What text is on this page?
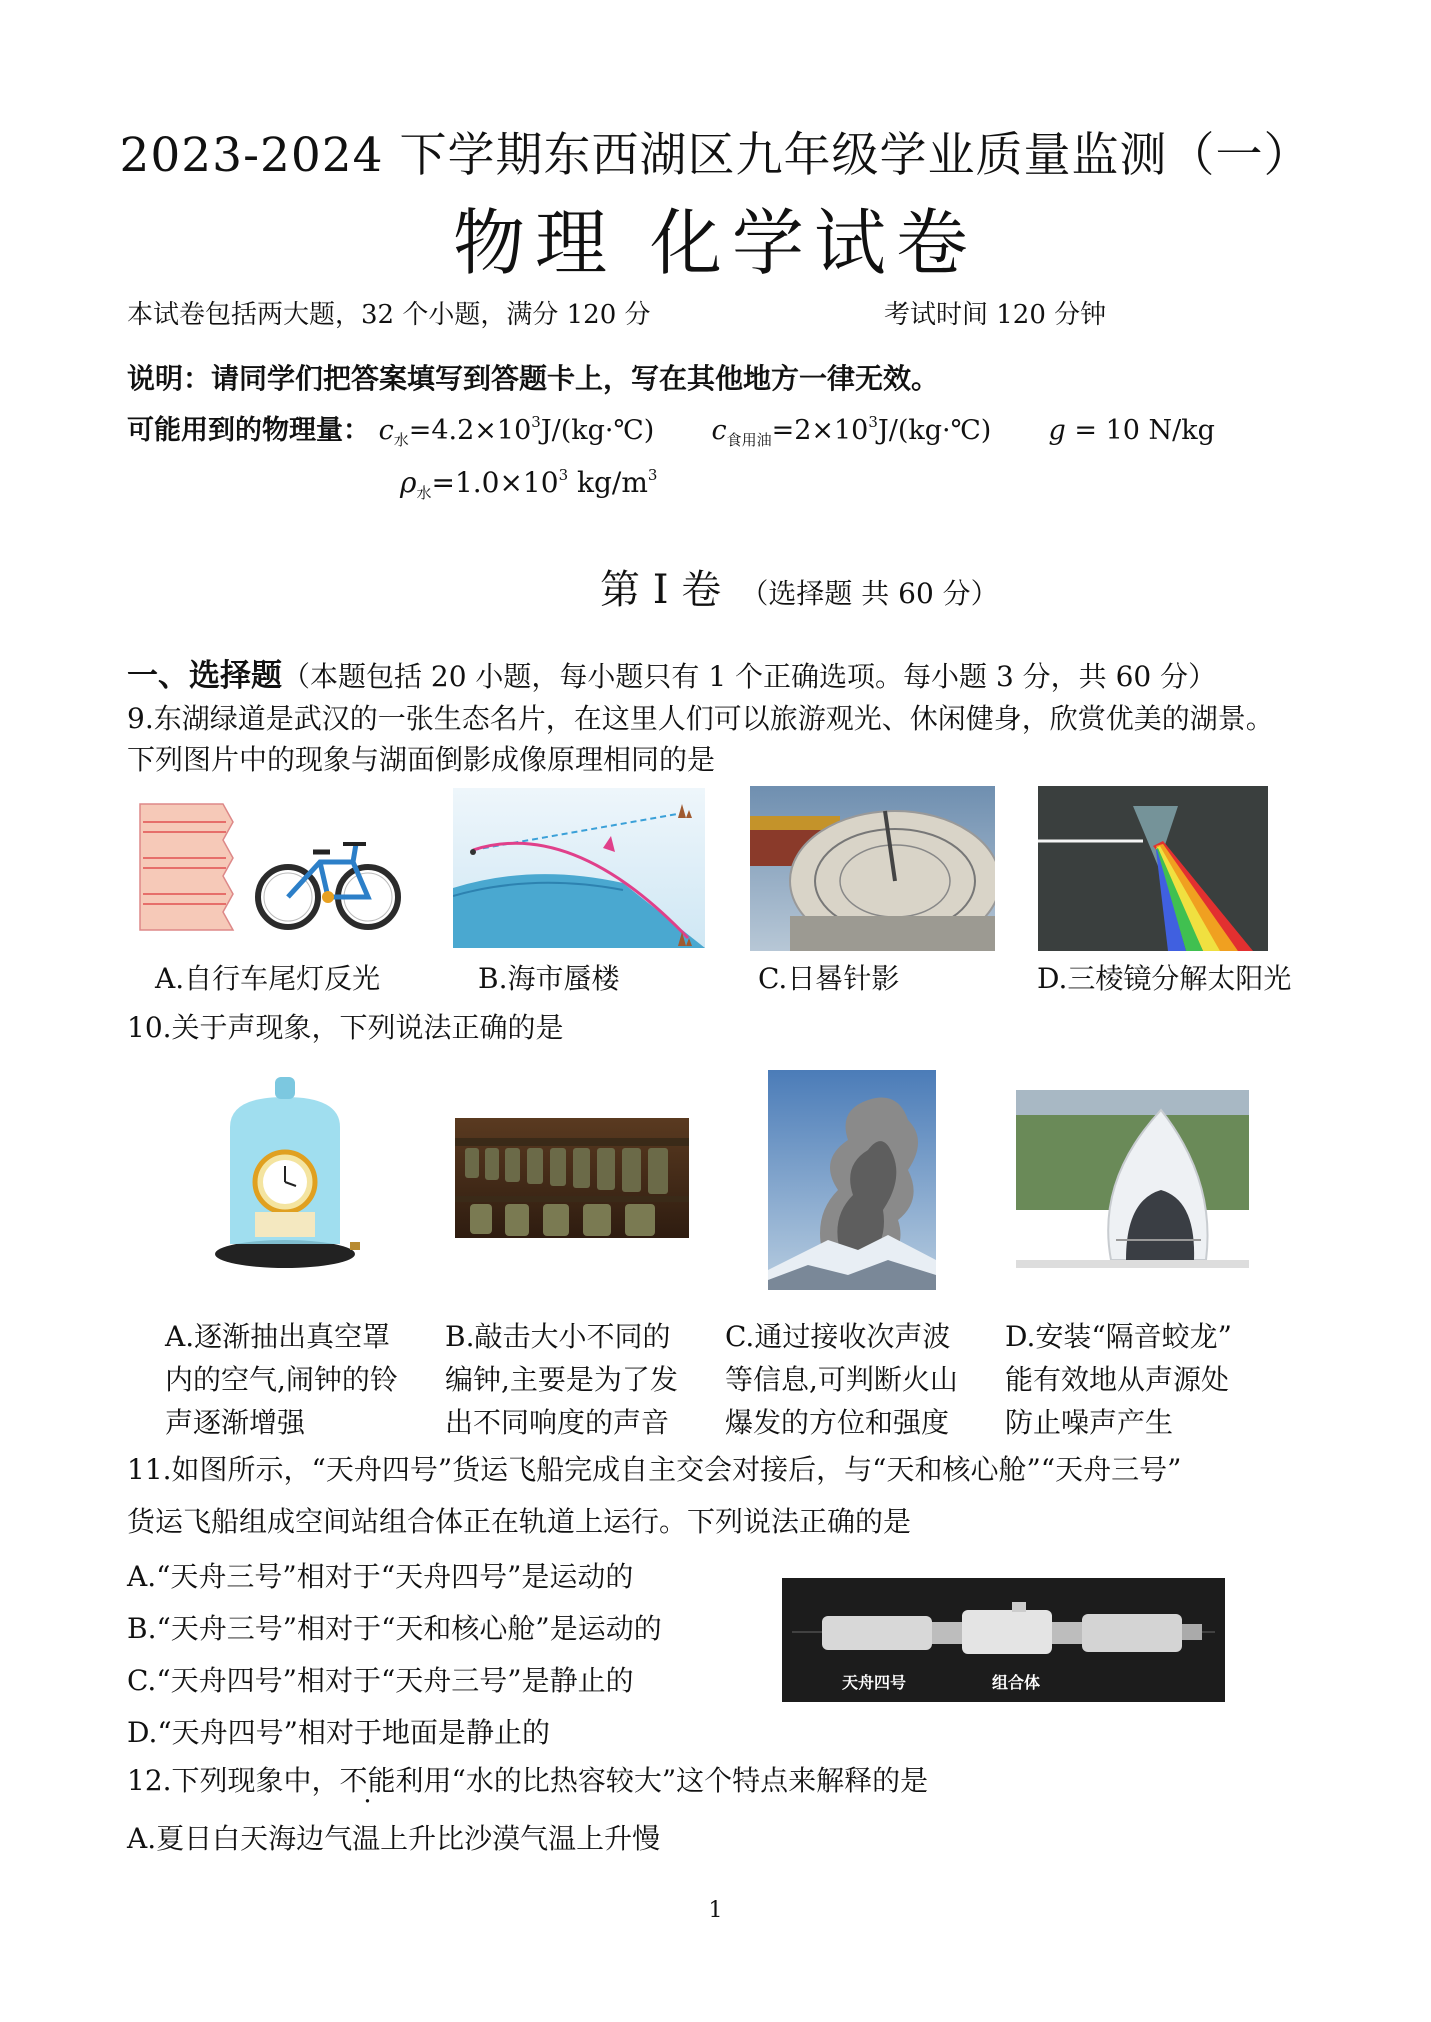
2023-2024 下学期东西湖区九年级学业质量监测（一）
物理 化学试卷
本试卷包括两大题，32 个小题，满分 120 分	考试时间 120 分钟
说明：请同学们把答案填写到答题卡上，写在其他地方一律无效。
可能用到的物理量： $c_水=4.2\times 10^3J/(kg\cdot℃)$ $c_{食用油}=2\times 10^3J/(kg\cdot℃) g = 10$ N/kg
$\rho_水=1.0\times 10^3$ $kg/m^3$
第 I 卷 （选择题 共 60 分）
一、选择题（本题包括 20 小题，每小题只有 1 个正确选项。每小题 3 分，共 60 分）
9.东湖绿道是武汉的一张生态名片，在这里人们可以旅游观光、休闲健身，欣赏优美的湖景。
下列图片中的现象与湖面倒影成像原理相同的是
A.自行车尾灯反光	B.海市蜃楼	C.日晷针影	D.三棱镜分解太阳光
10.关于声现象，下列说法正确的是
A.逐渐抽出真空罩
内的空气,闹钟的铃
声逐渐增强
B.敲击大小不同的
编钟,主要是为了发
出不同响度的声音
C.通过接收次声波
等信息,可判断火山
爆发的方位和强度
D.安装“隔音蛟龙”
能有效地从声源处
防止噪声产生
11.如图所示，“天舟四号”货运飞船完成自主交会对接后，与“天和核心舱”“天舟三号”
货运飞船组成空间站组合体正在轨道上运行。下列说法正确的是
A.“天舟三号”相对于“天舟四号”是运动的
B.“天舟三号”相对于“天和核心舱”是运动的
C.“天舟四号”相对于“天舟三号”是静止的
D.“天舟四号”相对于地面是静止的
天舟四号	组合体
12.下列现象中，不能利用“水的比热容较大”这个特点来解释的是
A.夏日白天海边气温上升比沙漠气温上升慢
1
